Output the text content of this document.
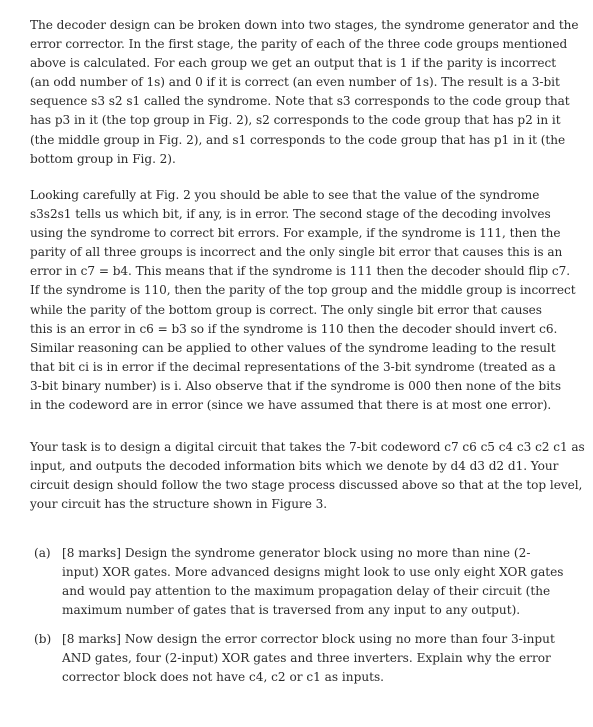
The decoder design can be broken down into two stages, the syndrome generator and the
error corrector. In the first stage, the parity of each of the three code groups mentioned
above is calculated. For each group we get an output that is 1 if the parity is incorrect
(an odd number of 1s) and 0 if it is correct (an even number of 1s). The result is a 3-bit
sequence s3 s2 s1 called the syndrome. Note that s3 corresponds to the code group that
has p3 in it (the top group in Fig. 2), s2 corresponds to the code group that has p2 in it
(the middle group in Fig. 2), and s1 corresponds to the code group that has p1 in it (the
bottom group in Fig. 2).
Looking carefully at Fig. 2 you should be able to see that the value of the syndrome
s3s2s1 tells us which bit, if any, is in error. The second stage of the decoding involves
using the syndrome to correct bit errors. For example, if the syndrome is 111, then the
parity of all three groups is incorrect and the only single bit error that causes this is an
error in c7 = b4. This means that if the syndrome is 111 then the decoder should flip c7.
If the syndrome is 110, then the parity of the top group and the middle group is incorrect
while the parity of the bottom group is correct. The only single bit error that causes
this is an error in c6 = b3 so if the syndrome is 110 then the decoder should invert c6.
Similar reasoning can be applied to other values of the syndrome leading to the result
that bit ci is in error if the decimal representations of the 3-bit syndrome (treated as a
3-bit binary number) is i. Also observe that if the syndrome is 000 then none of the bits
in the codeword are in error (since we have assumed that there is at most one error).
Your task is to design a digital circuit that takes the 7-bit codeword c7 c6 c5 c4 c3 c2 c1 as
input, and outputs the decoded information bits which we denote by d4 d3 d2 d1. Your
circuit design should follow the two stage process discussed above so that at the top level,
your circuit has the structure shown in Figure 3.
(a) [8 marks] Design the syndrome generator block using no more than nine (2-
input) XOR gates. More advanced designs might look to use only eight XOR gates
and would pay attention to the maximum propagation delay of their circuit (the
maximum number of gates that is traversed from any input to any output).
(b) [8 marks] Now design the error corrector block using no more than four 3-input
AND gates, four (2-input) XOR gates and three inverters. Explain why the error
corrector block does not have c4, c2 or c1 as inputs.
